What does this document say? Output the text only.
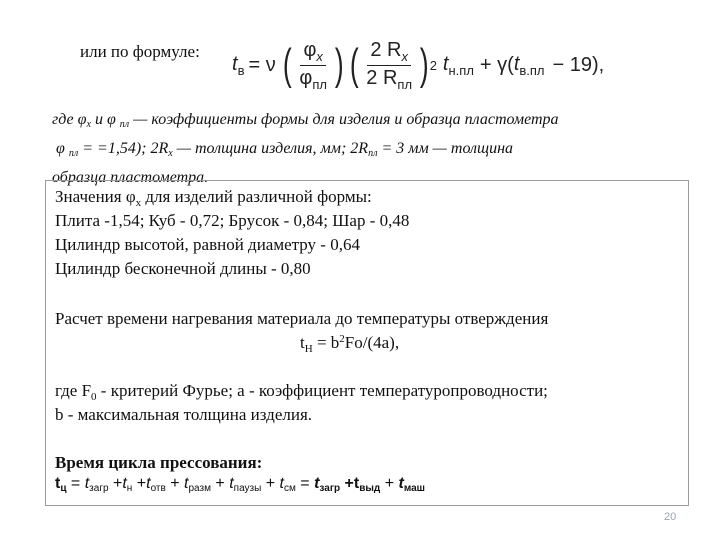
или по формуле:
$t_в = \nu$ ( $\frac{\varphi_x}{\varphi_{пл}}$ ) ( $\frac{2 R_x}{2 R_{пл}}$ ) 2 $t_{н.пл} + \gamma$( $t_{в.пл} - 19$),
где φx и φ пл — коэффициенты формы для изделия и образца пластометра
φ пл = =1,54); 2Rx — толщина изделия, мм; 2Rпл = 3 мм — толщина
образца пластометра.
Значения $\varphi_x$ для изделий различной формы:
Плита -1,54; Куб - 0,72; Брусок - 0,84; Шар - 0,48
Цилиндр высотой, равной диаметру - 0,64
Цилиндр бесконечной длины - 0,80
Расчет времени нагревания материала до температуры отверждения
$t_H = b^2Fo/(4a)$,
где $F_0$ - критерий Фурье; a - коэффициент температуропроводности;
b - максимальная толщина изделия.
Время цикла прессования:
tц = tзагр +tн +tотв + tразм + tпаузы + tсм = tзагр +tвыд + tмаш
20
